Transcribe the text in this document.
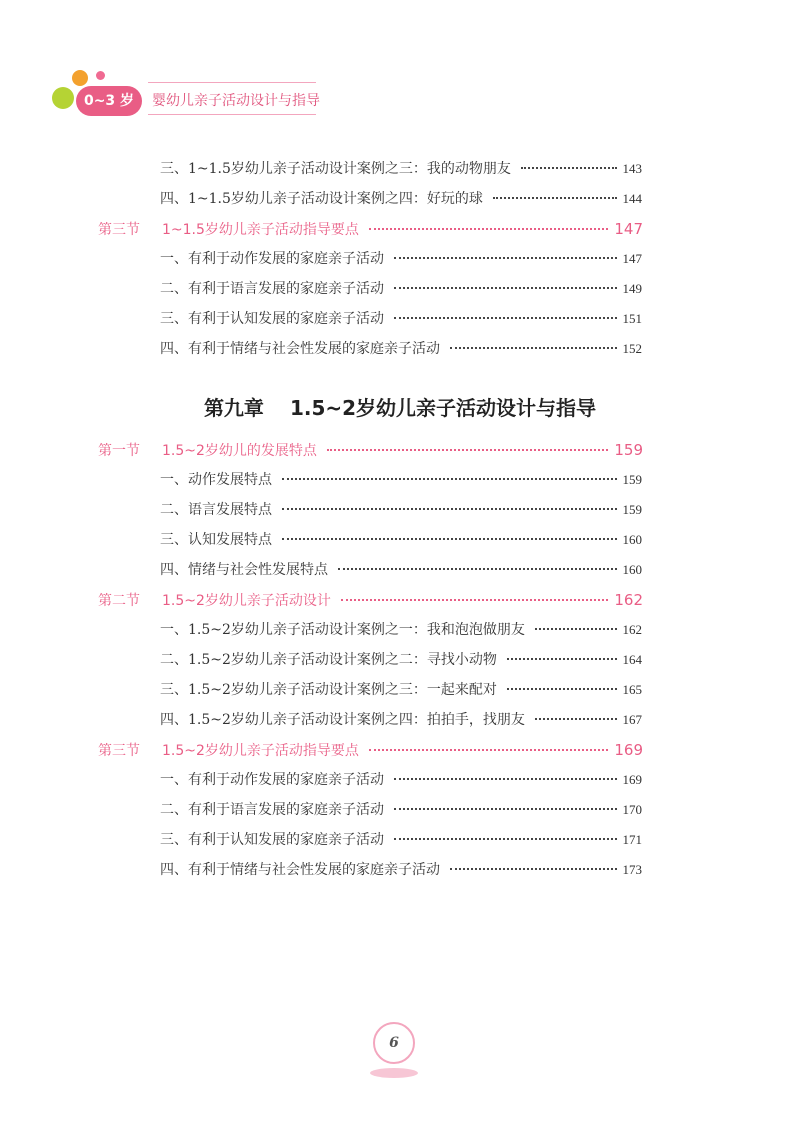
0~3 岁	婴幼儿亲子活动设计与指导
三、1~1.5岁幼儿亲子活动设计案例之三：我的动物朋友	143
四、1~1.5岁幼儿亲子活动设计案例之四：好玩的球	144
第三节 1~1.5岁幼儿亲子活动指导要点	147
一、有利于动作发展的家庭亲子活动	147
二、有利于语言发展的家庭亲子活动	149
三、有利于认知发展的家庭亲子活动	151
四、有利于情绪与社会性发展的家庭亲子活动	152
第九章 1.5~2岁幼儿亲子活动设计与指导
第一节 1.5~2岁幼儿的发展特点	159
一、动作发展特点	159
二、语言发展特点	159
三、认知发展特点	160
四、情绪与社会性发展特点	160
第二节 1.5~2岁幼儿亲子活动设计	162
一、1.5~2岁幼儿亲子活动设计案例之一：我和泡泡做朋友	162
二、1.5~2岁幼儿亲子活动设计案例之二：寻找小动物	164
三、1.5~2岁幼儿亲子活动设计案例之三：一起来配对	165
四、1.5~2岁幼儿亲子活动设计案例之四：拍拍手，找朋友	167
第三节 1.5~2岁幼儿亲子活动指导要点	169
一、有利于动作发展的家庭亲子活动	169
二、有利于语言发展的家庭亲子活动	170
三、有利于认知发展的家庭亲子活动	171
四、有利于情绪与社会性发展的家庭亲子活动	173
6
